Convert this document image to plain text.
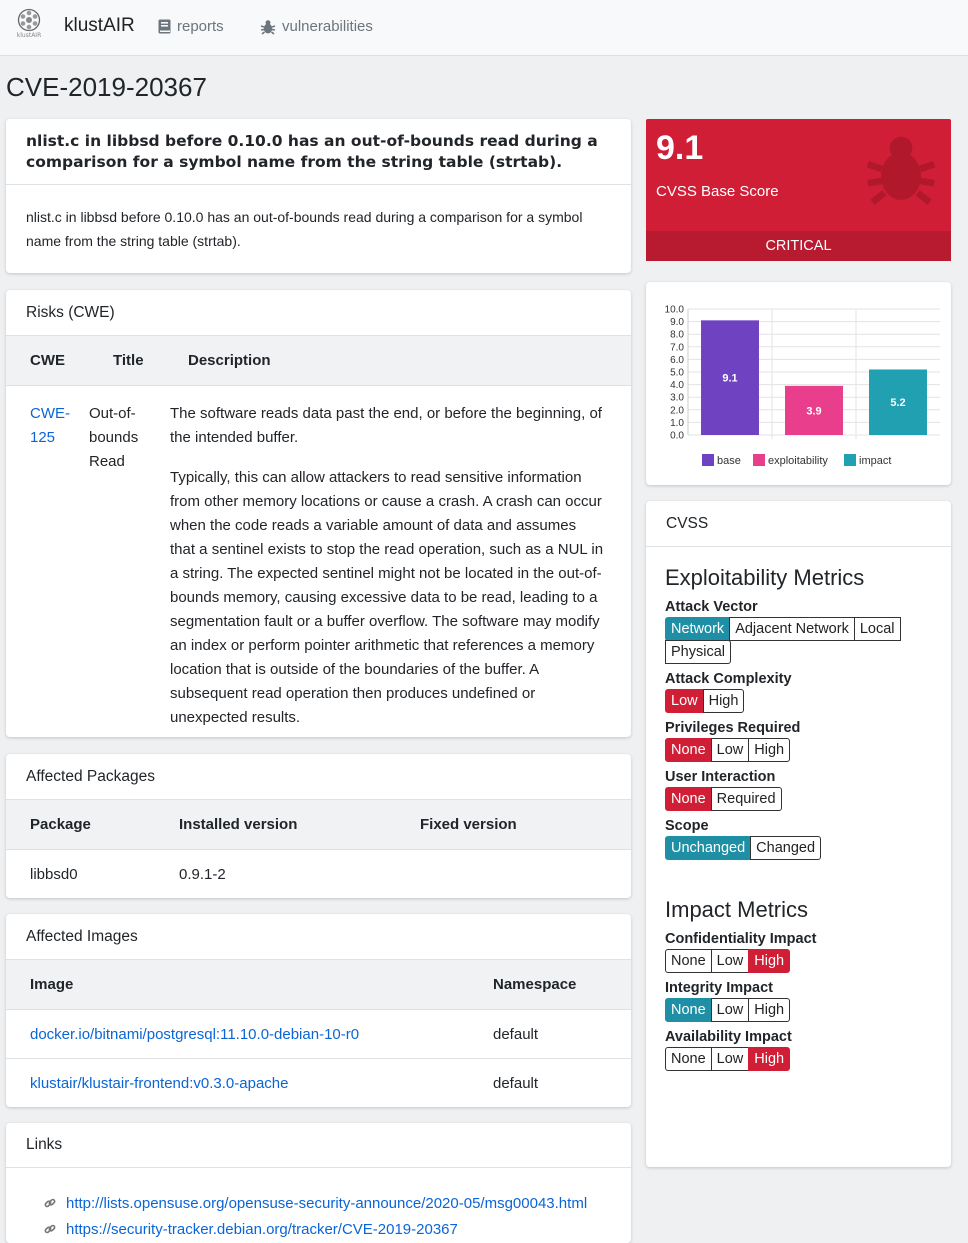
klustAIR klustAIR	reports	vulnerabilities
CVE-2019-20367
nlist.c in libbsd before 0.10.0 has an out-of-bounds read during a comparison for a symbol name from the string table (strtab).
nlist.c in libbsd before 0.10.0 has an out-of-bounds read during a comparison for a symbol name from the string table (strtab).
Risks (CWE)
CWE	Title	Description
CWE-125	Out-of-bounds Read	The software reads data past the end, or before the beginning, of the intended buffer.

Typically, this can allow attackers to read sensitive information from other memory locations or cause a crash. A crash can occur when the code reads a variable amount of data and assumes that a sentinel exists to stop the read operation, such as a NUL in a string. The expected sentinel might not be located in the out-of-bounds memory, causing excessive data to be read, leading to a segmentation fault or a buffer overflow. The software may modify an index or perform pointer arithmetic that references a memory location that is outside of the boundaries of the buffer. A subsequent read operation then produces undefined or unexpected results.

Affected Packages
Package	Installed version	Fixed version
libbsd0	0.9.1-2	
Affected Images
Image	Namespace
docker.io/bitnami/postgresql:11.10.0-debian-10-r0	default
klustair/klustair-frontend:v0.3.0-apache	default
Links
http://lists.opensuse.org/opensuse-security-announce/2020-05/msg00043.html
https://security-tracker.debian.org/tracker/CVE-2019-20367
9.1
CVSS Base Score
CRITICAL
0.0
1.0
2.0
3.0
4.0
5.0
6.0
7.0
8.0
9.0
10.0
9.1
3.9
5.2
base exploitability	impact
CVSS
Exploitability Metrics
Attack Vector
Network Adjacent Network Local
Physical
Attack Complexity
Low High
Privileges Required
None Low High
User Interaction
None Required
Scope
Unchanged Changed
Impact Metrics
Confidentiality Impact
None Low High
Integrity Impact
None Low High
Availability Impact
None Low High
